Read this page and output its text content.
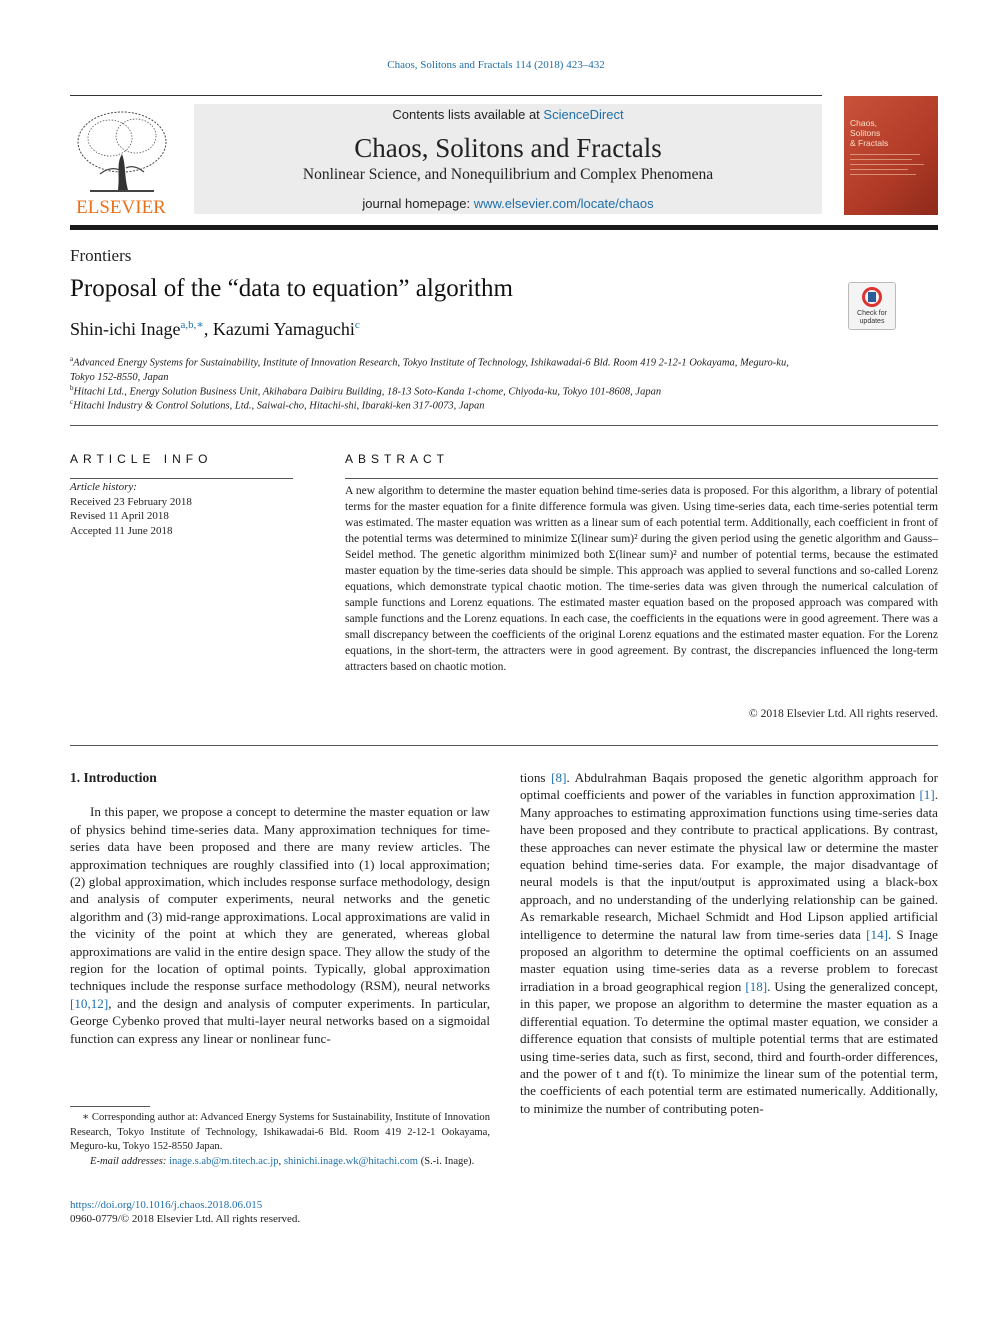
Chaos, Solitons and Fractals 114 (2018) 423–432
ELSEVIER
Contents lists available at ScienceDirect
Chaos, Solitons and Fractals
Nonlinear Science, and Nonequilibrium and Complex Phenomena
journal homepage: www.elsevier.com/locate/chaos
Chaos,
Solitons
& Fractals
Frontiers
Proposal of the “data to equation” algorithm
Check for updates
Shin-ichi Inage$^{a,b,∗}$, Kazumi Yamaguchi$^c$
$^a$Advanced Energy Systems for Sustainability, Institute of Innovation Research, Tokyo Institute of Technology, Ishikawadai-6 Bld. Room 419 2-12-1 Ookayama, Meguro-ku, Tokyo 152-8550, Japan
$^b$Hitachi Ltd., Energy Solution Business Unit, Akihabara Daibiru Building, 18-13 Soto-Kanda 1-chome, Chiyoda-ku, Tokyo 101-8608, Japan
$^c$Hitachi Industry & Control Solutions, Ltd., Saiwai-cho, Hitachi-shi, Ibaraki-ken 317-0073, Japan
ARTICLE INFO
Article history:
Received 23 February 2018
Revised 11 April 2018
Accepted 11 June 2018
ABSTRACT
A new algorithm to determine the master equation behind time-series data is proposed. For this algorithm, a library of potential terms for the master equation for a finite difference formula was given. Using time-series data, each time-series potential term was estimated. The master equation was written as a linear sum of each potential term. Additionally, each coefficient in front of the potential terms was determined to minimize Σ(linear sum)² during the given period using the genetic algorithm and Gauss–Seidel method. The genetic algorithm minimized both Σ(linear sum)² and number of potential terms, because the estimated master equation by the time-series data should be simple. This approach was applied to several functions and so-called Lorenz equations, which demonstrate typical chaotic motion. The time-series data was given through the numerical calculation of sample functions and Lorenz equations. The estimated master equation based on the proposed approach was compared with sample functions and the Lorenz equations. In each case, the coefficients in the equations were in good agreement. There was a small discrepancy between the coefficients of the original Lorenz equations and the estimated master equation. For the Lorenz equations, in the short-term, the attracters were in good agreement. By contrast, the discrepancies influenced the long-term attracters based on chaotic motion.
© 2018 Elsevier Ltd. All rights reserved.

1. Introduction

In this paper, we propose a concept to determine the master equation or law of physics behind time-series data. Many approximation techniques for time-series data have been proposed and there are many review articles. The approximation techniques are roughly classified into (1) local approximation; (2) global approximation, which includes response surface methodology, design and analysis of computer experiments, neural networks and the genetic algorithm and (3) mid-range approximations. Local approximations are valid in the vicinity of the point at which they are generated, whereas global approximations are valid in the entire design space. They allow the study of the region for the location of optimal points. Typically, global approximation techniques include the response surface methodology (RSM), neural networks [10,12], and the design and analysis of computer experiments. In particular, George Cybenko proved that multi-layer neural networks based on a sigmoidal function can express any linear or nonlinear func-

tions [8]. Abdulrahman Baqais proposed the genetic algorithm approach for optimal coefficients and power of the variables in function approximation [1]. Many approaches to estimating approximation functions using time-series data have been proposed and they contribute to practical applications. By contrast, these approaches can never estimate the physical law or determine the master equation behind time-series data. For example, the major disadvantage of neural models is that the input/output is approximated using a black-box approach, and no understanding of the underlying relationship can be gained. As remarkable research, Michael Schmidt and Hod Lipson applied artificial intelligence to determine the natural law from time-series data [14]. S Inage proposed an algorithm to determine the optimal coefficients on an assumed master equation using time-series data as a reverse problem to forecast irradiation in a broad geographical region [18]. Using the generalized concept, in this paper, we propose an algorithm to determine the master equation as a differential equation. To determine the optimal master equation, we consider a difference equation that consists of multiple potential terms that are estimated using time-series data, such as first, second, third and fourth-order differences, and the power of t and f(t). To minimize the linear sum of the potential term, the coefficients of each potential term are estimated numerically. Additionally, to minimize the number of contributing poten-

∗ Corresponding author at: Advanced Energy Systems for Sustainability, Institute of Innovation Research, Tokyo Institute of Technology, Ishikawadai-6 Bld. Room 419 2-12-1 Ookayama, Meguro-ku, Tokyo 152-8550 Japan.
E-mail addresses: inage.s.ab@m.titech.ac.jp, shinichi.inage.wk@hitachi.com (S.-i. Inage).
https://doi.org/10.1016/j.chaos.2018.06.015
0960-0779/© 2018 Elsevier Ltd. All rights reserved.
